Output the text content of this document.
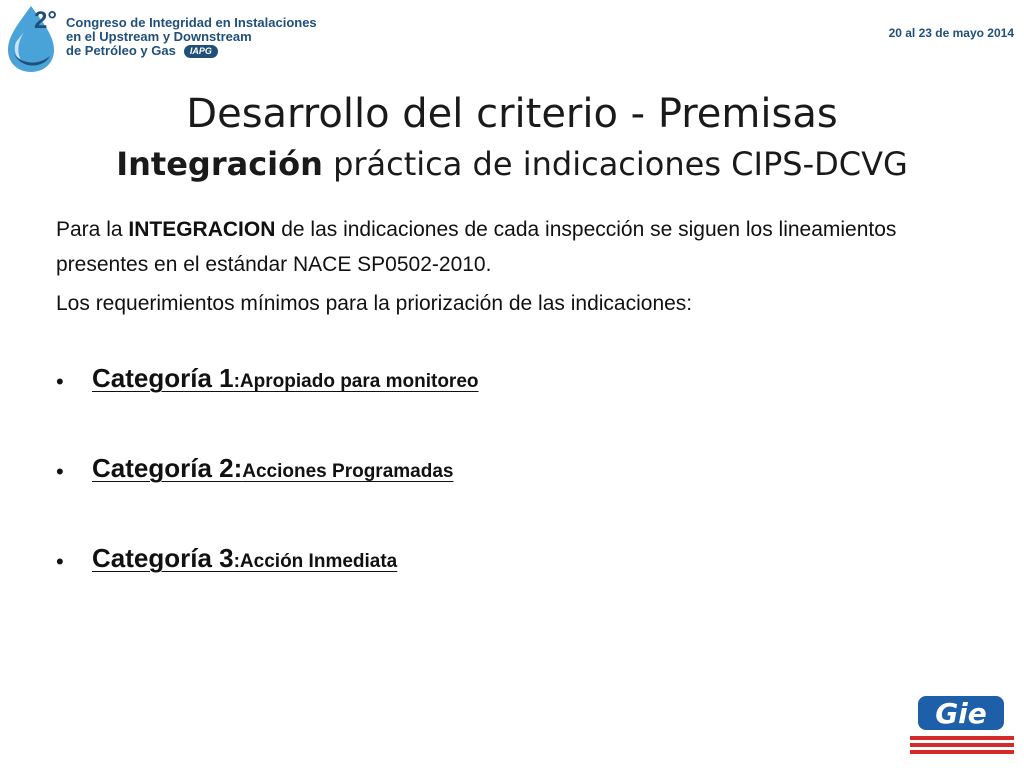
2° Congreso de Integridad en Instalaciones
en el Upstream y Downstream
de Petróleo y Gas IAPG
20 al 23 de mayo 2014
Desarrollo del criterio - Premisas
Integración práctica de indicaciones CIPS-DCVG

Para la INTEGRACION de las indicaciones de cada inspección se siguen los lineamientos presentes en el estándar NACE SP0502-2010.

Los requerimientos mínimos para la priorización de las indicaciones:

• Categoría 1:Apropiado para monitoreo
• Categoría 2:Acciones Programadas
• Categoría 3:Acción Inmediata
Gie
